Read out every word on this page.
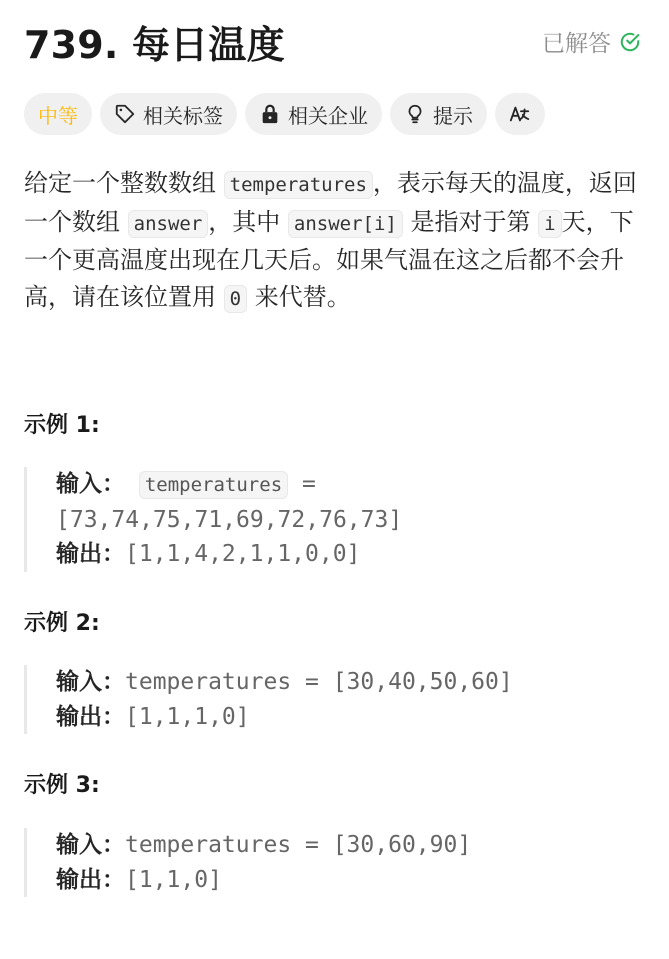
739. 每日温度	已解答
中等	相关标签	相关企业	提示
给定一个整数数组 temperatures ，表示每天的温度，返回一个数组 answer ，其中 answer[i] 是指对于第 i 天，下一个更高温度出现在几天后。如果气温在这之后都不会升高，请在该位置用 0 来代替。
示例 1:
输入： temperatures = [73,74,75,71,69,72,76,73]
输出：[1,1,4,2,1,1,0,0]
示例 2:
输入：temperatures = [30,40,50,60]
输出：[1,1,1,0]
示例 3:
输入：temperatures = [30,60,90]
输出：[1,1,0]
